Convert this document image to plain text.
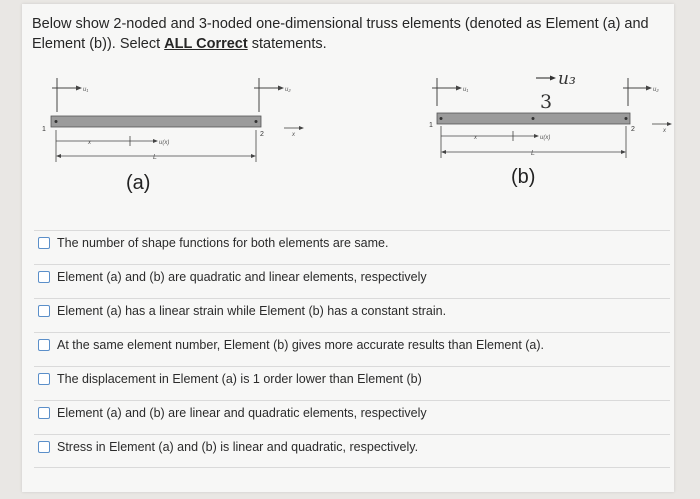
Below show 2-noded and 3-noded one-dimensional truss elements (denoted as Element (a) and Element (b)). Select ALL Correct statements.
u₁	u₂
1
2	x
x	u(x)
L
u₁
u₃
3
u₂
1
2	x
x	u(x)
L
(a)	(b)
The number of shape functions for both elements are same.
Element (a) and (b) are quadratic and linear elements, respectively
Element (a) has a linear strain while Element (b) has a constant strain.
At the same element number, Element (b) gives more accurate results than Element (a).
The displacement in Element (a) is 1 order lower than Element (b)
Element (a) and (b) are linear and quadratic elements, respectively
Stress in Element (a) and (b) is linear and quadratic, respectively.
